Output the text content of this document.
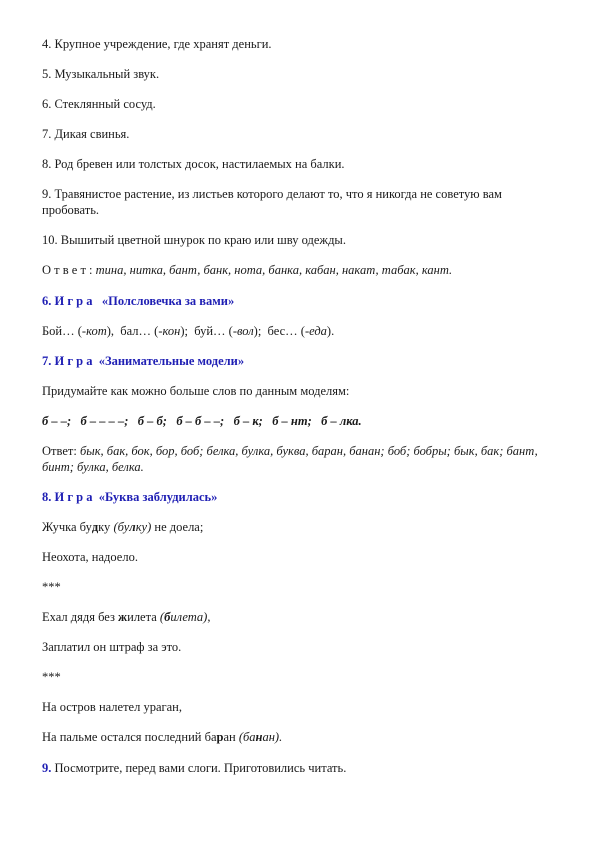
4. Крупное учреждение, где хранят деньги.
5. Музыкальный звук.
6. Стеклянный сосуд.
7. Дикая свинья.
8. Род бревен или толстых досок, настилаемых на балки.
9. Травянистое растение, из листьев которого делают то, что я никогда не советую вам пробовать.
10. Вышитый цветной шнурок по краю или шву одежды.
О т в е т : тина, нитка, бант, банк, нота, банка, кабан, накат, табак, кант.
6. И г р а   «Полсловечка за вами»
Бой… (-кот),  бал… (-кон);  буй… (-вол);  бес… (-еда).
7. И г р а  «Занимательные модели»
Придумайте как можно больше слов по данным моделям:
б – –;   б – – – –;   б – б;   б – б – –;   б – к;   б – нт;   б – лка.
Ответ: бык, бак, бок, бор, боб; белка, булка, буква, баран, банан; боб; бобры; бык, бак; бант, бинт; булка, белка.
8. И г р а  «Буква заблудилась»
Жучка будку (булку) не доела;
Неохота, надоело.
***
Ехал дядя без жилета (билета),
Заплатил он штраф за это.
***
На остров налетел ураган,
На пальме остался последний баран (банан).
9. Посмотрите, перед вами слоги. Приготовились читать.
